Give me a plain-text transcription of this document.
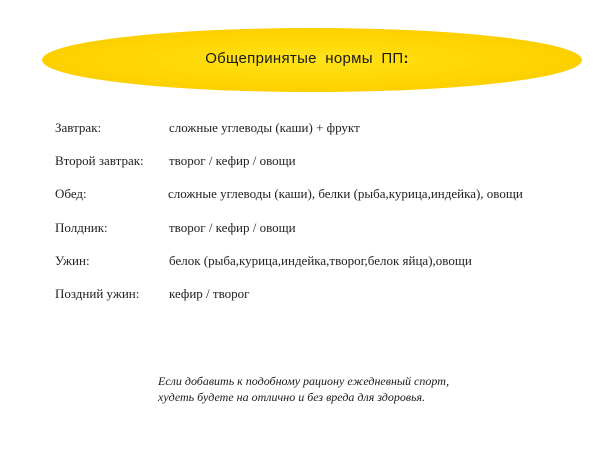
Общепринятые нормы ПП:
Завтрак:	сложные углеводы (каши) + фрукт
Второй завтрак: творог / кефир / овощи
Обед:	сложные углеводы (каши), белки (рыба,курица,индейка), овощи
Полдник:	творог / кефир / овощи
Ужин:	белок (рыба,курица,индейка,творог,белок яйца),овощи
Поздний ужин: кефир / творог
Если добавить к подобному рациону ежедневный спорт,
худеть будете на отлично и без вреда для здоровья.
